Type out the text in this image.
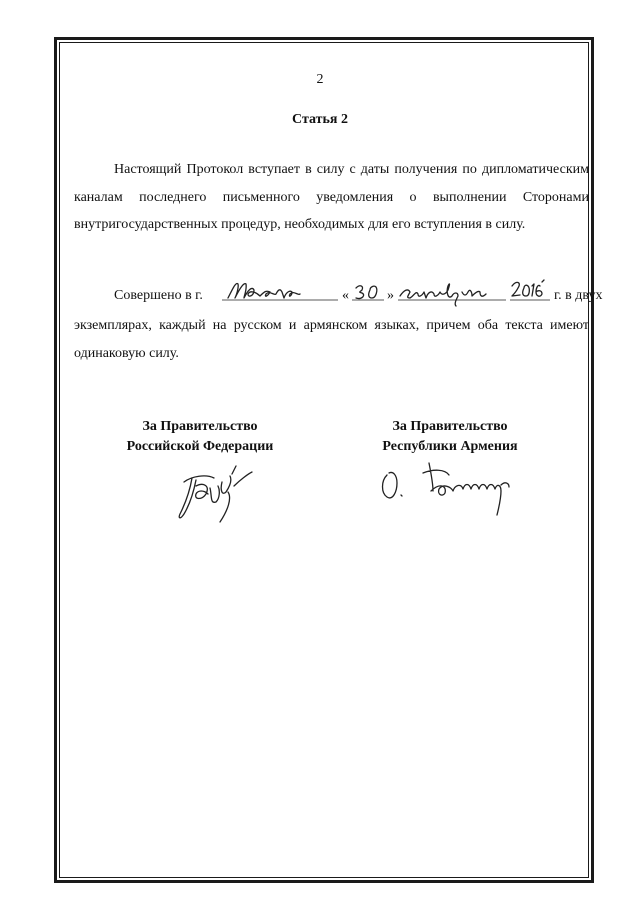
2
Статья 2
Настоящий Протокол вступает в силу с даты получения по дипломатическим каналам последнего письменного уведомления о выполнении Сторонами внутригосударственных процедур, необходимых для его вступления в силу.
Совершено в г.	«	»	г. в двух
экземплярах, каждый на русском и армянском языках, причем оба текста имеют одинаковую силу.
За Правительство
Российской Федерации
За Правительство
Республики Армения
